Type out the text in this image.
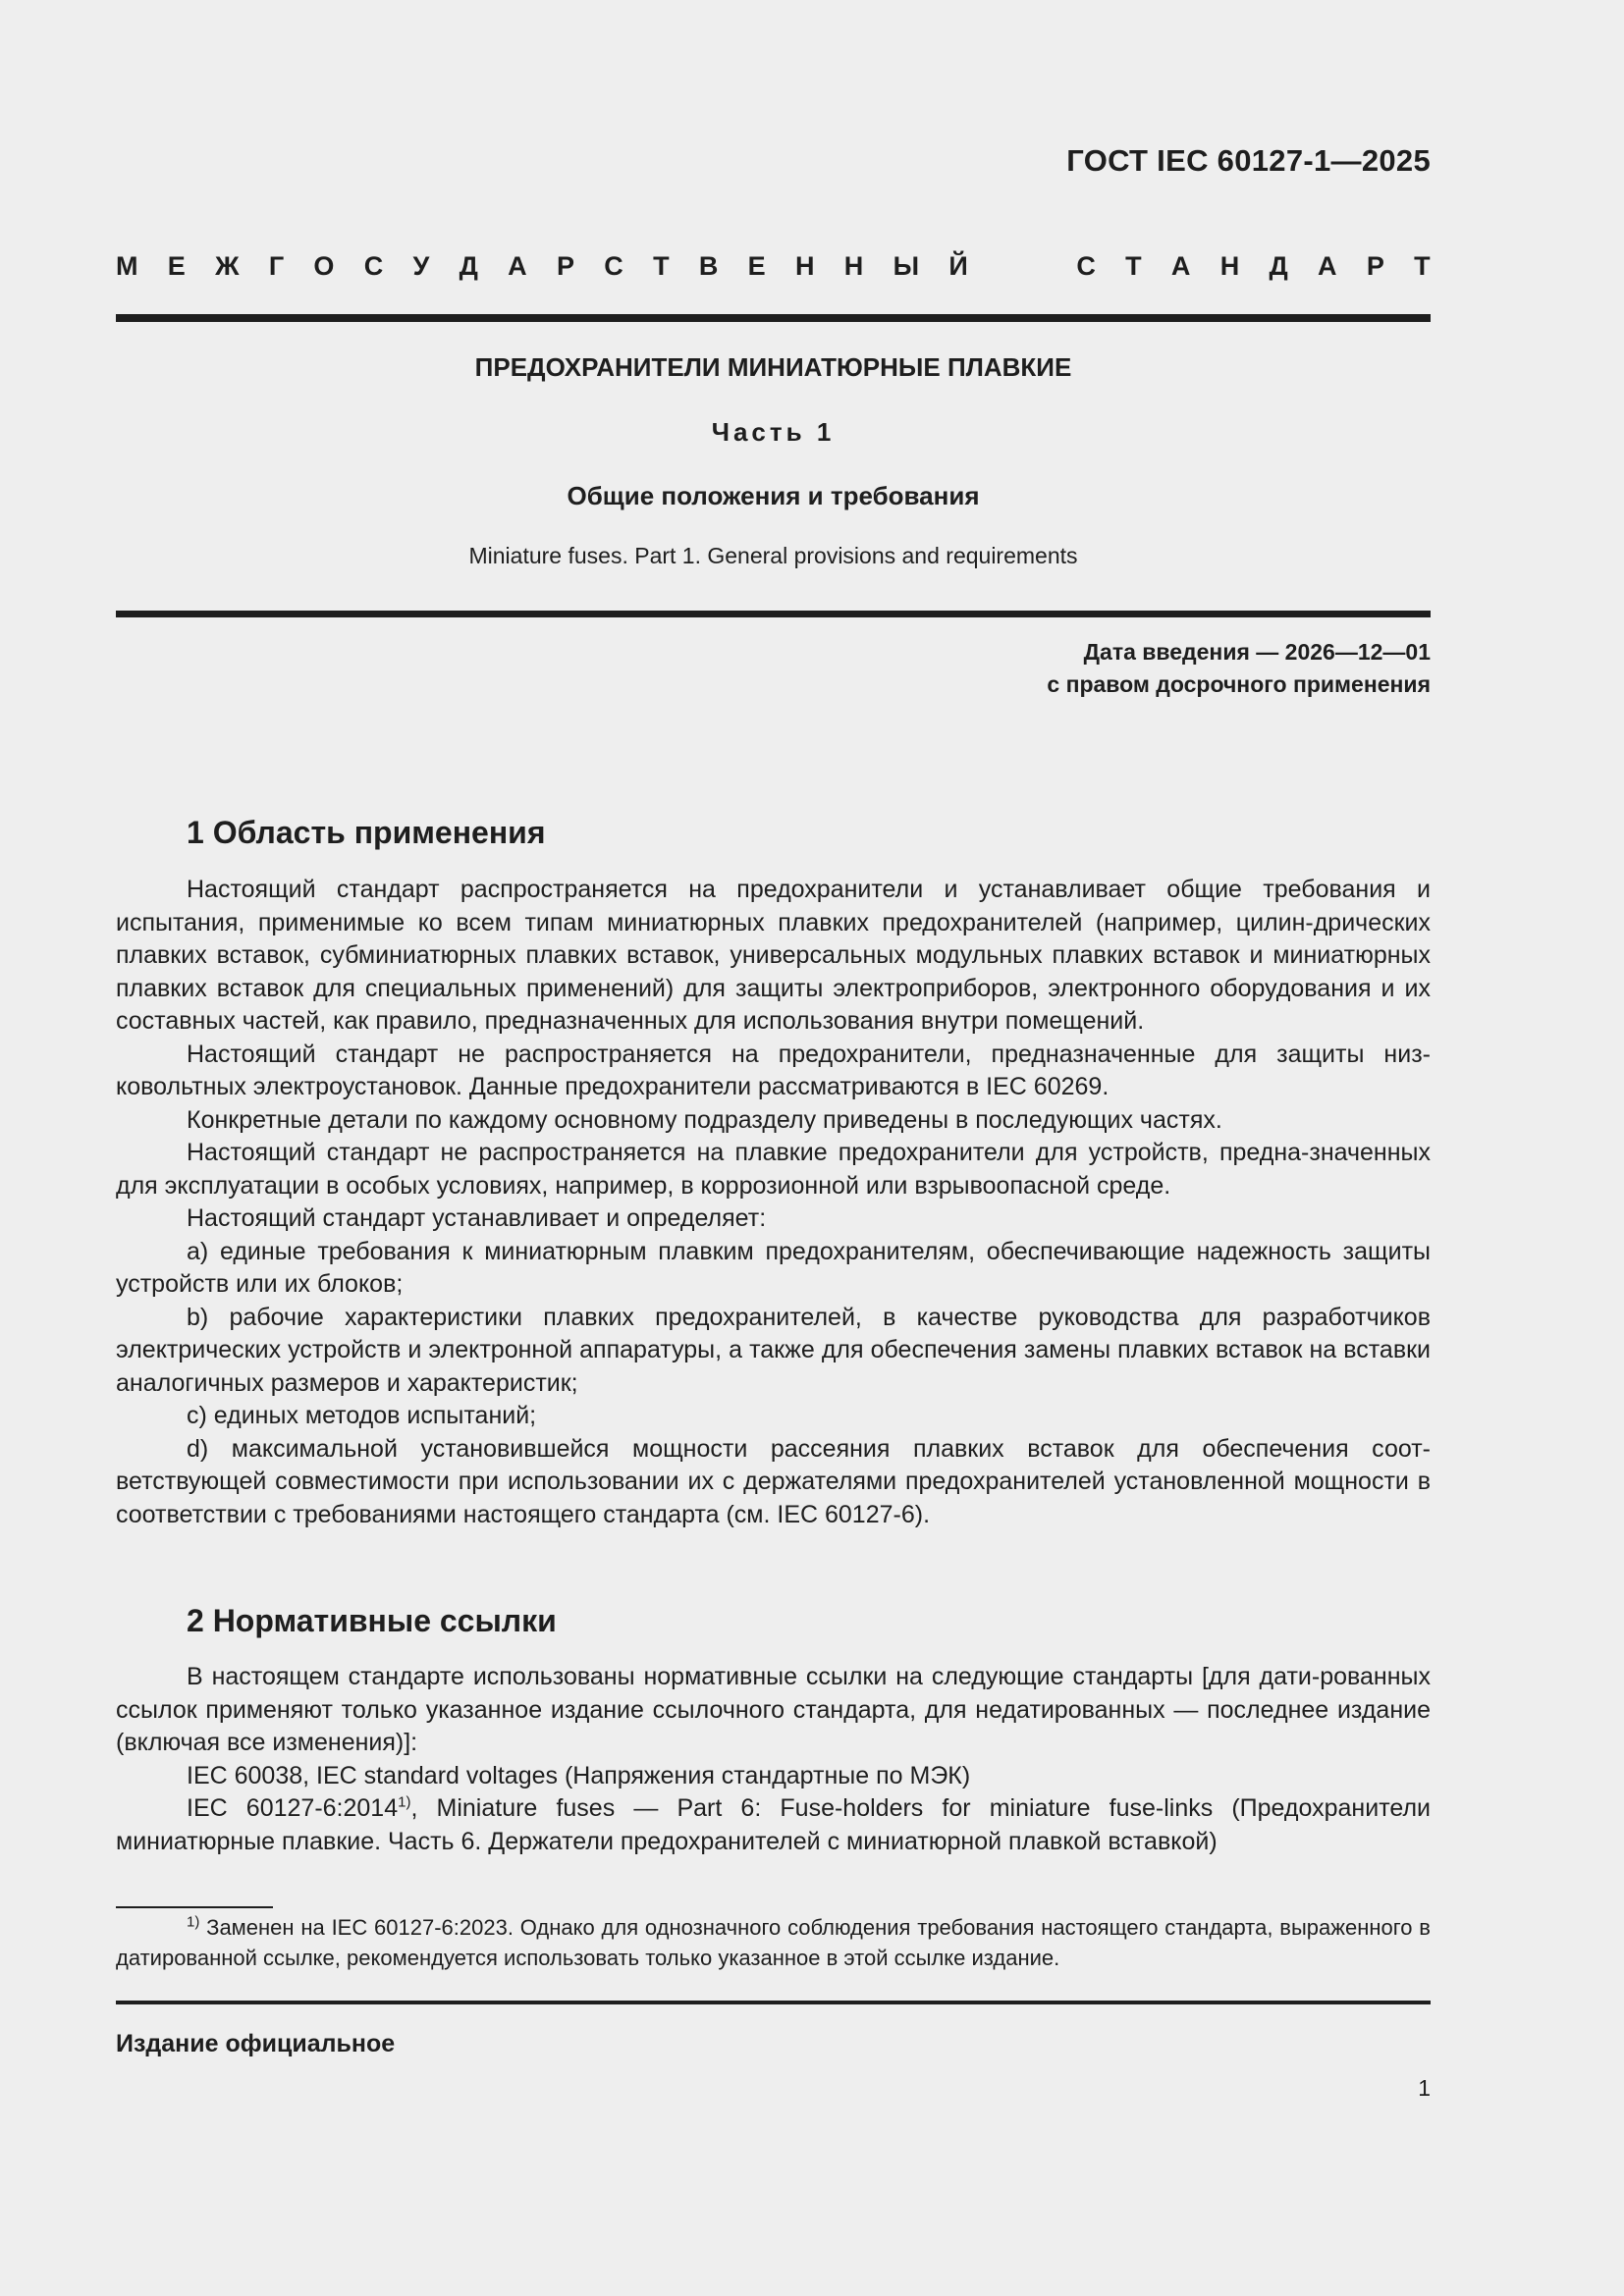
ГОСТ IEC 60127-1—2025
М Е Ж Г О С У Д А Р С Т В Е Н Н Ы Й	С Т А Н Д А Р Т
ПРЕДОХРАНИТЕЛИ МИНИАТЮРНЫЕ ПЛАВКИЕ
Часть 1
Общие положения и требования
Miniature fuses. Part 1. General provisions and requirements
Дата введения — 2026—12—01
с правом досрочного применения
1 Область применения

Настоящий стандарт распространяется на предохранители и устанавливает общие требования и испытания, применимые ко всем типам миниатюрных плавких предохранителей (например, цилин-дрических плавких вставок, субминиатюрных плавких вставок, универсальных модульных плавких вставок и миниатюрных плавких вставок для специальных применений) для защиты электроприборов, электронного оборудования и их составных частей, как правило, предназначенных для использования внутри помещений.

Настоящий стандарт не распространяется на предохранители, предназначенные для защиты низ-ковольтных электроустановок. Данные предохранители рассматриваются в IEC 60269.

Конкретные детали по каждому основному подразделу приведены в последующих частях.

Настоящий стандарт не распространяется на плавкие предохранители для устройств, предна-значенных для эксплуатации в особых условиях, например, в коррозионной или взрывоопасной среде.

Настоящий стандарт устанавливает и определяет:

a) единые требования к миниатюрным плавким предохранителям, обеспечивающие надежность защиты устройств или их блоков;

b) рабочие характеристики плавких предохранителей, в качестве руководства для разработчиков электрических устройств и электронной аппаратуры, а также для обеспечения замены плавких вставок на вставки аналогичных размеров и характеристик;

c) единых методов испытаний;

d) максимальной установившейся мощности рассеяния плавких вставок для обеспечения соот-ветствующей совместимости при использовании их с держателями предохранителей установленной мощности в соответствии с требованиями настоящего стандарта (см. IEC 60127-6).

2 Нормативные ссылки

В настоящем стандарте использованы нормативные ссылки на следующие стандарты [для дати-рованных ссылок применяют только указанное издание ссылочного стандарта, для недатированных — последнее издание (включая все изменения)]:

IEC 60038, IEC standard voltages (Напряжения стандартные по МЭК)

IEC 60127-6:2014$^{1)}$, Miniature fuses — Part 6: Fuse-holders for miniature fuse-links (Предохранители миниатюрные плавкие. Часть 6. Держатели предохранителей с миниатюрной плавкой вставкой)

$^{1)}$ Заменен на IEC 60127-6:2023. Однако для однозначного соблюдения требования настоящего стандарта, выраженного в датированной ссылке, рекомендуется использовать только указанное в этой ссылке издание.

Издание официальное
1
